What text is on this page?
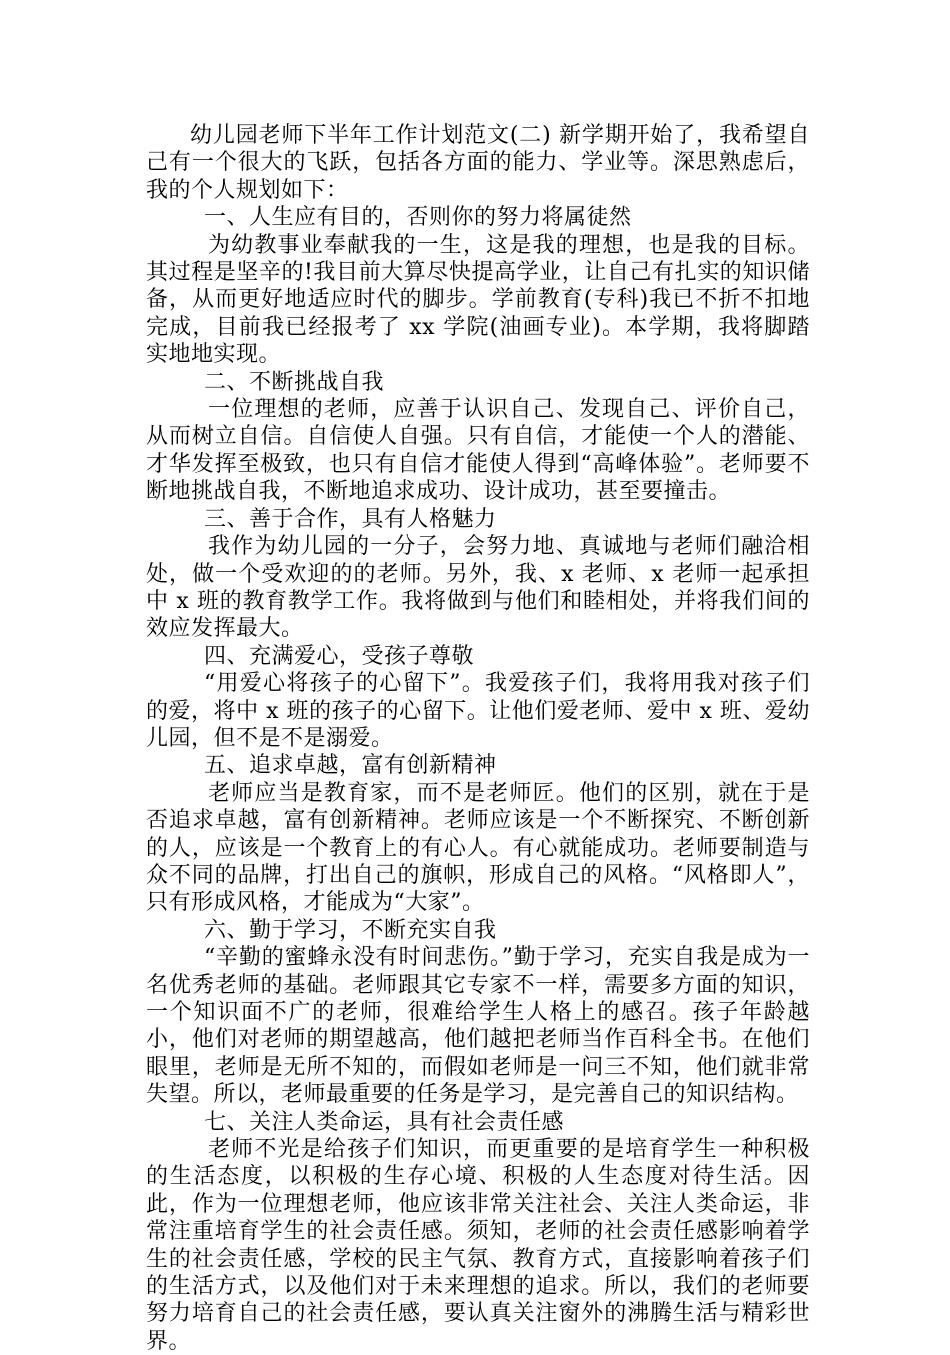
幼儿园老师下半年工作计划范文(二) 新学期开始了，我希望自己有一个很大的飞跃，包括各方面的能力、学业等。深思熟虑后，我的个人规划如下：

一、人生应有目的，否则你的努力将属徒然

为幼教事业奉献我的一生，这是我的理想，也是我的目标。其过程是坚辛的!我目前大算尽快提高学业，让自己有扎实的知识储备，从而更好地适应时代的脚步。学前教育(专科)我已不折不扣地完成，目前我已经报考了 xx 学院(油画专业)。本学期，我将脚踏实地地实现。

二、不断挑战自我

一位理想的老师，应善于认识自己、发现自己、评价自己，从而树立自信。自信使人自强。只有自信，才能使一个人的潜能、才华发挥至极致，也只有自信才能使人得到“高峰体验”。老师要不断地挑战自我，不断地追求成功、设计成功，甚至要撞击。

三、善于合作，具有人格魅力

我作为幼儿园的一分子，会努力地、真诚地与老师们融洽相处，做一个受欢迎的的老师。另外，我、x 老师、x 老师一起承担中 x 班的教育教学工作。我将做到与他们和睦相处，并将我们间的效应发挥最大。

四、充满爱心，受孩子尊敬

“用爱心将孩子的心留下”。我爱孩子们，我将用我对孩子们的爱，将中 x 班的孩子的心留下。让他们爱老师、爱中 x 班、爱幼儿园，但不是不是溺爱。

五、追求卓越，富有创新精神

老师应当是教育家，而不是老师匠。他们的区别，就在于是否追求卓越，富有创新精神。老师应该是一个不断探究、不断创新的人，应该是一个教育上的有心人。有心就能成功。老师要制造与众不同的品牌，打出自己的旗帜，形成自己的风格。“风格即人”，只有形成风格，才能成为“大家”。

六、勤于学习，不断充实自我

“辛勤的蜜蜂永没有时间悲伤。”勤于学习，充实自我是成为一名优秀老师的基础。老师跟其它专家不一样，需要多方面的知识，一个知识面不广的老师，很难给学生人格上的感召。孩子年龄越小，他们对老师的期望越高，他们越把老师当作百科全书。在他们眼里，老师是无所不知的，而假如老师是一问三不知，他们就非常失望。所以，老师最重要的任务是学习，是完善自己的知识结构。

七、关注人类命运，具有社会责任感

老师不光是给孩子们知识，而更重要的是培育学生一种积极的生活态度，以积极的生存心境、积极的人生态度对待生活。因此，作为一位理想老师，他应该非常关注社会、关注人类命运，非常注重培育学生的社会责任感。须知，老师的社会责任感影响着学生的社会责任感，学校的民主气氛、教育方式，直接影响着孩子们的生活方式，以及他们对于未来理想的追求。所以，我们的老师要努力培育自己的社会责任感，要认真关注窗外的沸腾生活与精彩世界。
